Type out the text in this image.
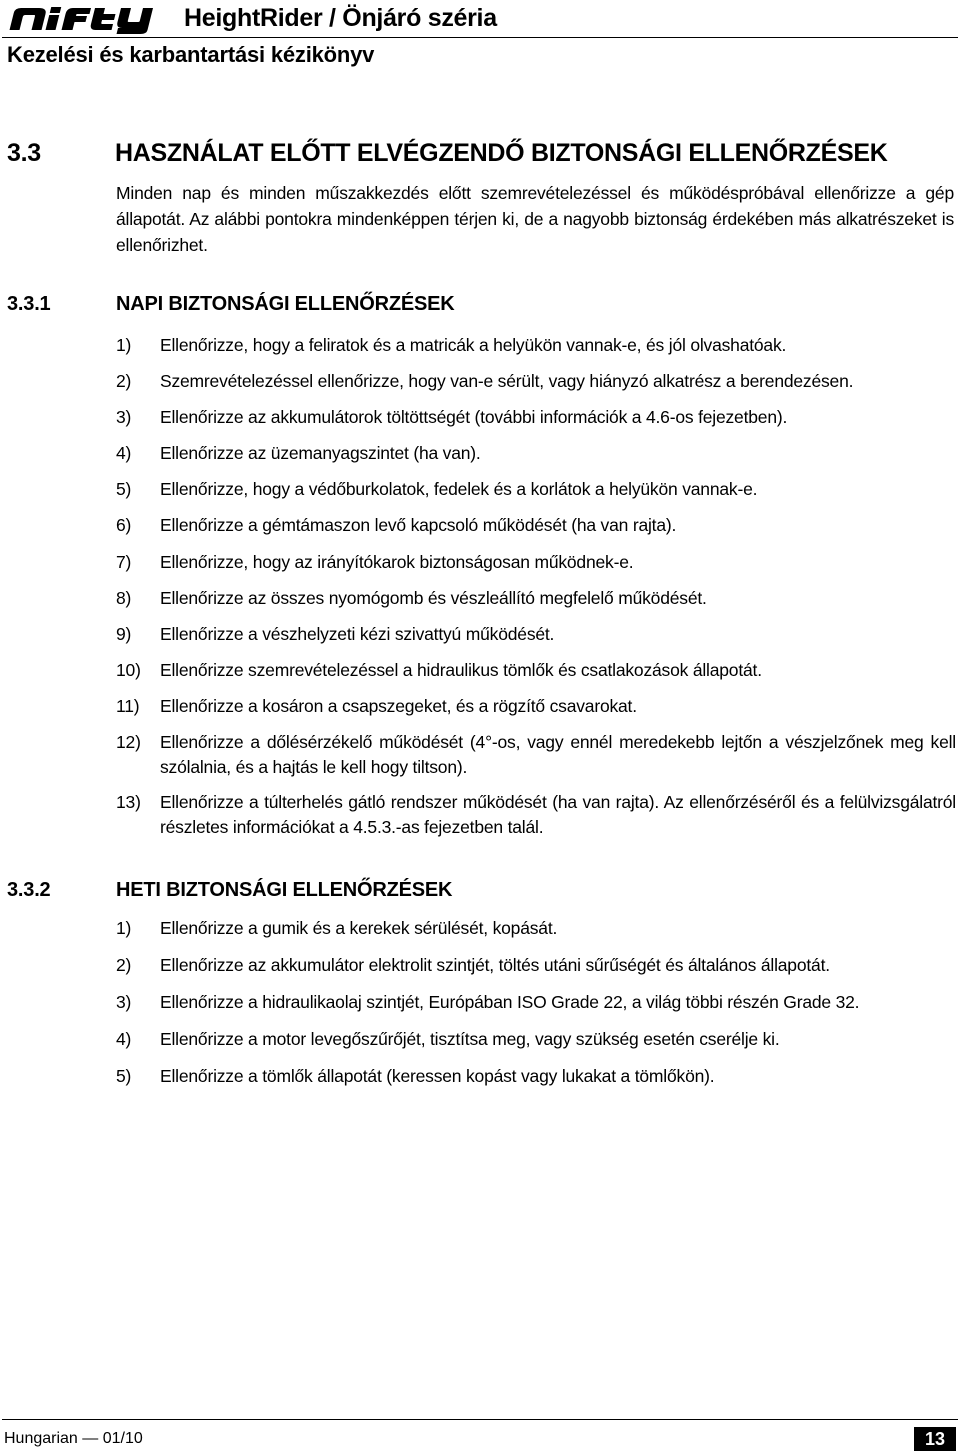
nifty	HeightRider / Önjáró széria
Kezelési és karbantartási kézikönyv
3.3	HASZNÁLAT ELŐTT ELVÉGZENDŐ BIZTONSÁGI ELLENŐRZÉSEK
Minden nap és minden műszakkezdés előtt szemrevételezéssel és működéspróbával ellenőrizze a gép állapotát. Az alábbi pontokra mindenképpen térjen ki, de a nagyobb biztonság érdekében más alkatrészeket is ellenőrizhet.
3.3.1	NAPI BIZTONSÁGI ELLENŐRZÉSEK
1) Ellenőrizze, hogy a feliratok és a matricák a helyükön vannak-e, és jól olvashatóak.
2) Szemrevételezéssel ellenőrizze, hogy van-e sérült, vagy hiányzó alkatrész a berendezésen.
3) Ellenőrizze az akkumulátorok töltöttségét (további információk a 4.6-os fejezetben).
4) Ellenőrizze az üzemanyagszintet (ha van).
5) Ellenőrizze, hogy a védőburkolatok, fedelek és a korlátok a helyükön vannak-e.
6) Ellenőrizze a gémtámaszon levő kapcsoló működését (ha van rajta).
7) Ellenőrizze, hogy az irányítókarok biztonságosan működnek-e.
8) Ellenőrizze az összes nyomógomb és vészleállító megfelelő működését.
9) Ellenőrizze a vészhelyzeti kézi szivattyú működését.
10) Ellenőrizze szemrevételezéssel a hidraulikus tömlők és csatlakozások állapotát.
11) Ellenőrizze a kosáron a csapszegeket, és a rögzítő csavarokat.
12) Ellenőrizze a dőlésérzékelő működését (4°-os, vagy ennél meredekebb lejtőn a vészjelzőnek meg kell szólalnia, és a hajtás le kell hogy tiltson).
13) Ellenőrizze a túlterhelés gátló rendszer működését (ha van rajta). Az ellenőrzéséről és a felülvizsgálatról részletes információkat a 4.5.3.-as fejezetben talál.
3.3.2	HETI BIZTONSÁGI ELLENŐRZÉSEK
1) Ellenőrizze a gumik és a kerekek sérülését, kopását.
2) Ellenőrizze az akkumulátor elektrolit szintjét, töltés utáni sűrűségét és általános állapotát.
3) Ellenőrizze a hidraulikaolaj szintjét, Európában ISO Grade 22, a világ többi részén Grade 32.
4) Ellenőrizze a motor levegőszűrőjét, tisztítsa meg, vagy szükség esetén cserélje ki.
5) Ellenőrizze a tömlők állapotát (keressen kopást vagy lukakat a tömlőkön).
Hungarian — 01/10	13
